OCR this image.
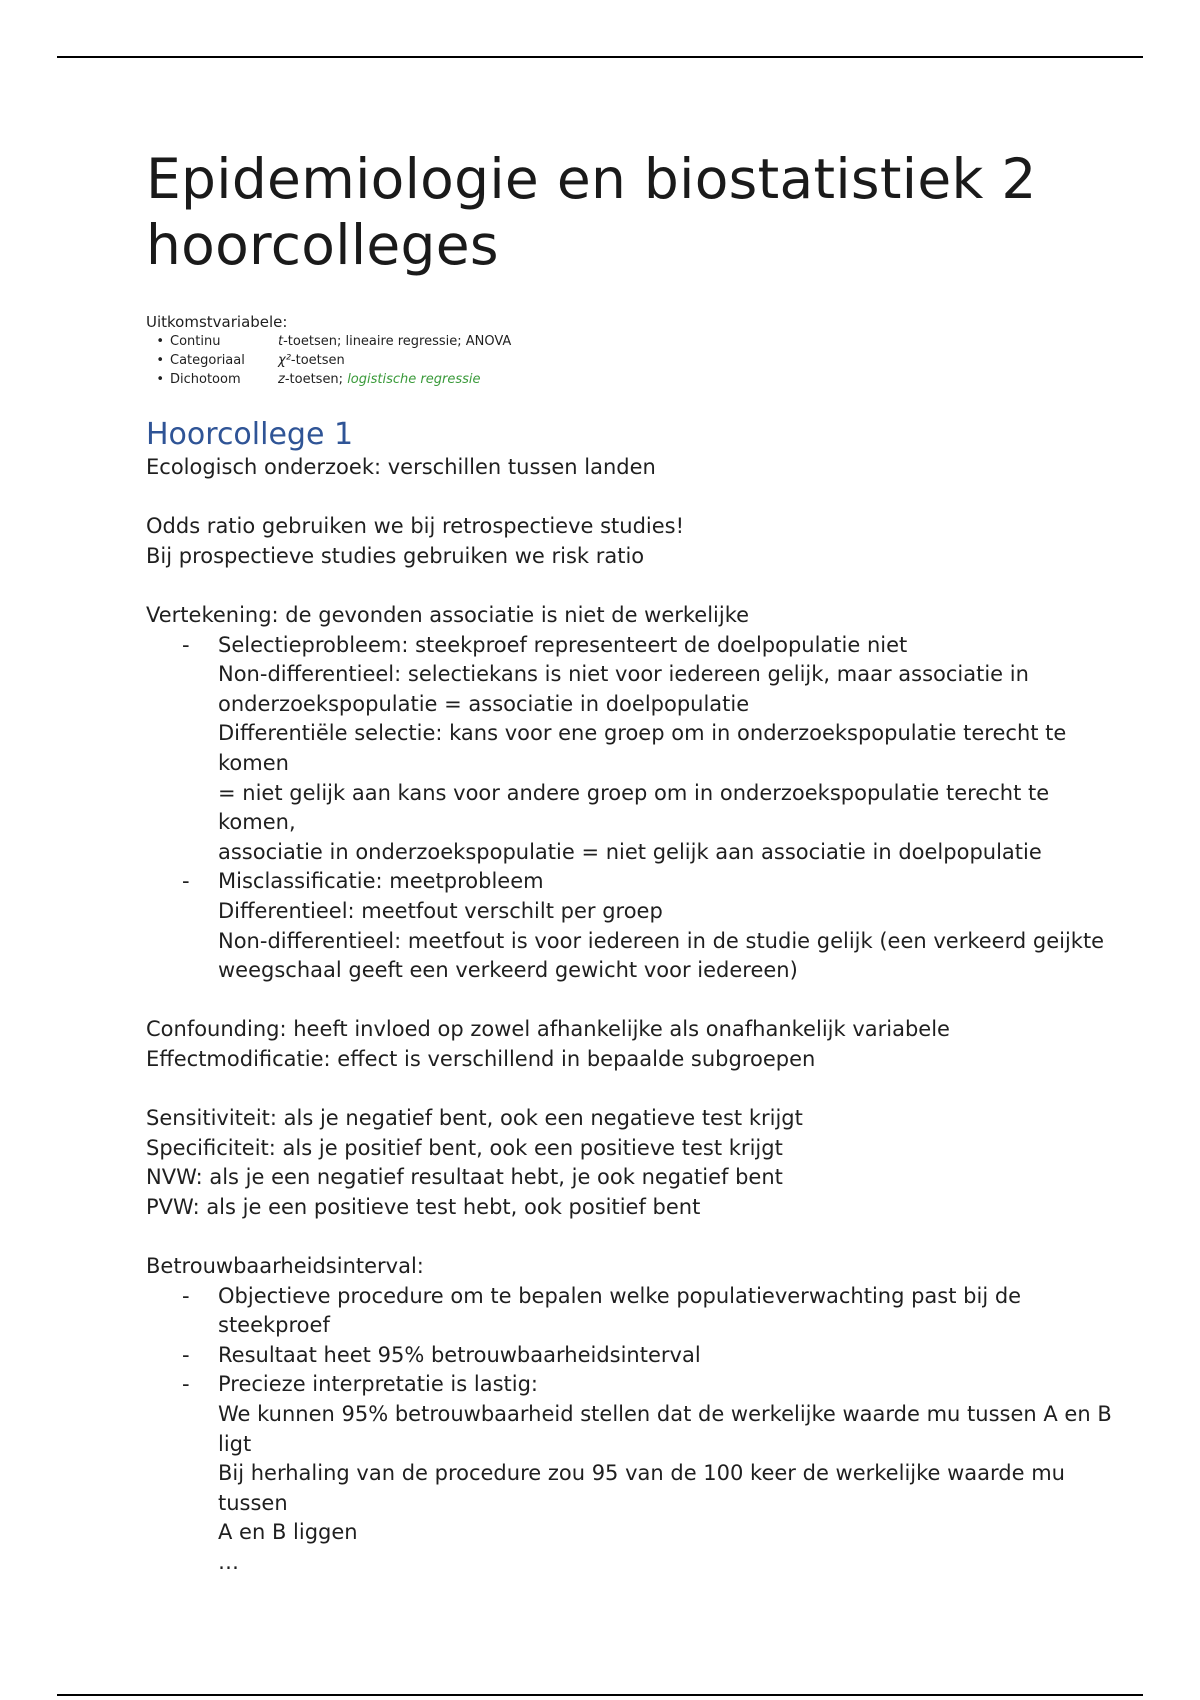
Epidemiologie en biostatistiek 2
hoorcolleges
Uitkomstvariabele:
• Continu	t-toetsen; lineaire regressie; ANOVA
• Categoriaal	χ²-toetsen
• Dichotoom	z-toetsen; logistische regressie
Hoorcollege 1

Ecologisch onderzoek: verschillen tussen landen

Odds ratio gebruiken we bij retrospectieve studies!

Bij prospectieve studies gebruiken we risk ratio

Vertekening: de gevonden associatie is niet de werkelijke

-	Selectieprobleem: steekproef representeert de doelpopulatie niet

Non-differentieel: selectiekans is niet voor iedereen gelijk, maar associatie in

onderzoekspopulatie = associatie in doelpopulatie

Differentiële selectie: kans voor ene groep om in onderzoekspopulatie terecht te komen

= niet gelijk aan kans voor andere groep om in onderzoekspopulatie terecht te komen,

associatie in onderzoekspopulatie = niet gelijk aan associatie in doelpopulatie

-	Misclassificatie: meetprobleem

Differentieel: meetfout verschilt per groep

Non-differentieel: meetfout is voor iedereen in de studie gelijk (een verkeerd geijkte

weegschaal geeft een verkeerd gewicht voor iedereen)

Confounding: heeft invloed op zowel afhankelijke als onafhankelijk variabele

Effectmodificatie: effect is verschillend in bepaalde subgroepen

Sensitiviteit: als je negatief bent, ook een negatieve test krijgt

Specificiteit: als je positief bent, ook een positieve test krijgt

NVW: als je een negatief resultaat hebt, je ook negatief bent

PVW: als je een positieve test hebt, ook positief bent

Betrouwbaarheidsinterval:

-	Objectieve procedure om te bepalen welke populatieverwachting past bij de steekproef
-	Resultaat heet 95% betrouwbaarheidsinterval
-	Precieze interpretatie is lastig:

We kunnen 95% betrouwbaarheid stellen dat de werkelijke waarde mu tussen A en B ligt

Bij herhaling van de procedure zou 95 van de 100 keer de werkelijke waarde mu tussen

A en B liggen

…
